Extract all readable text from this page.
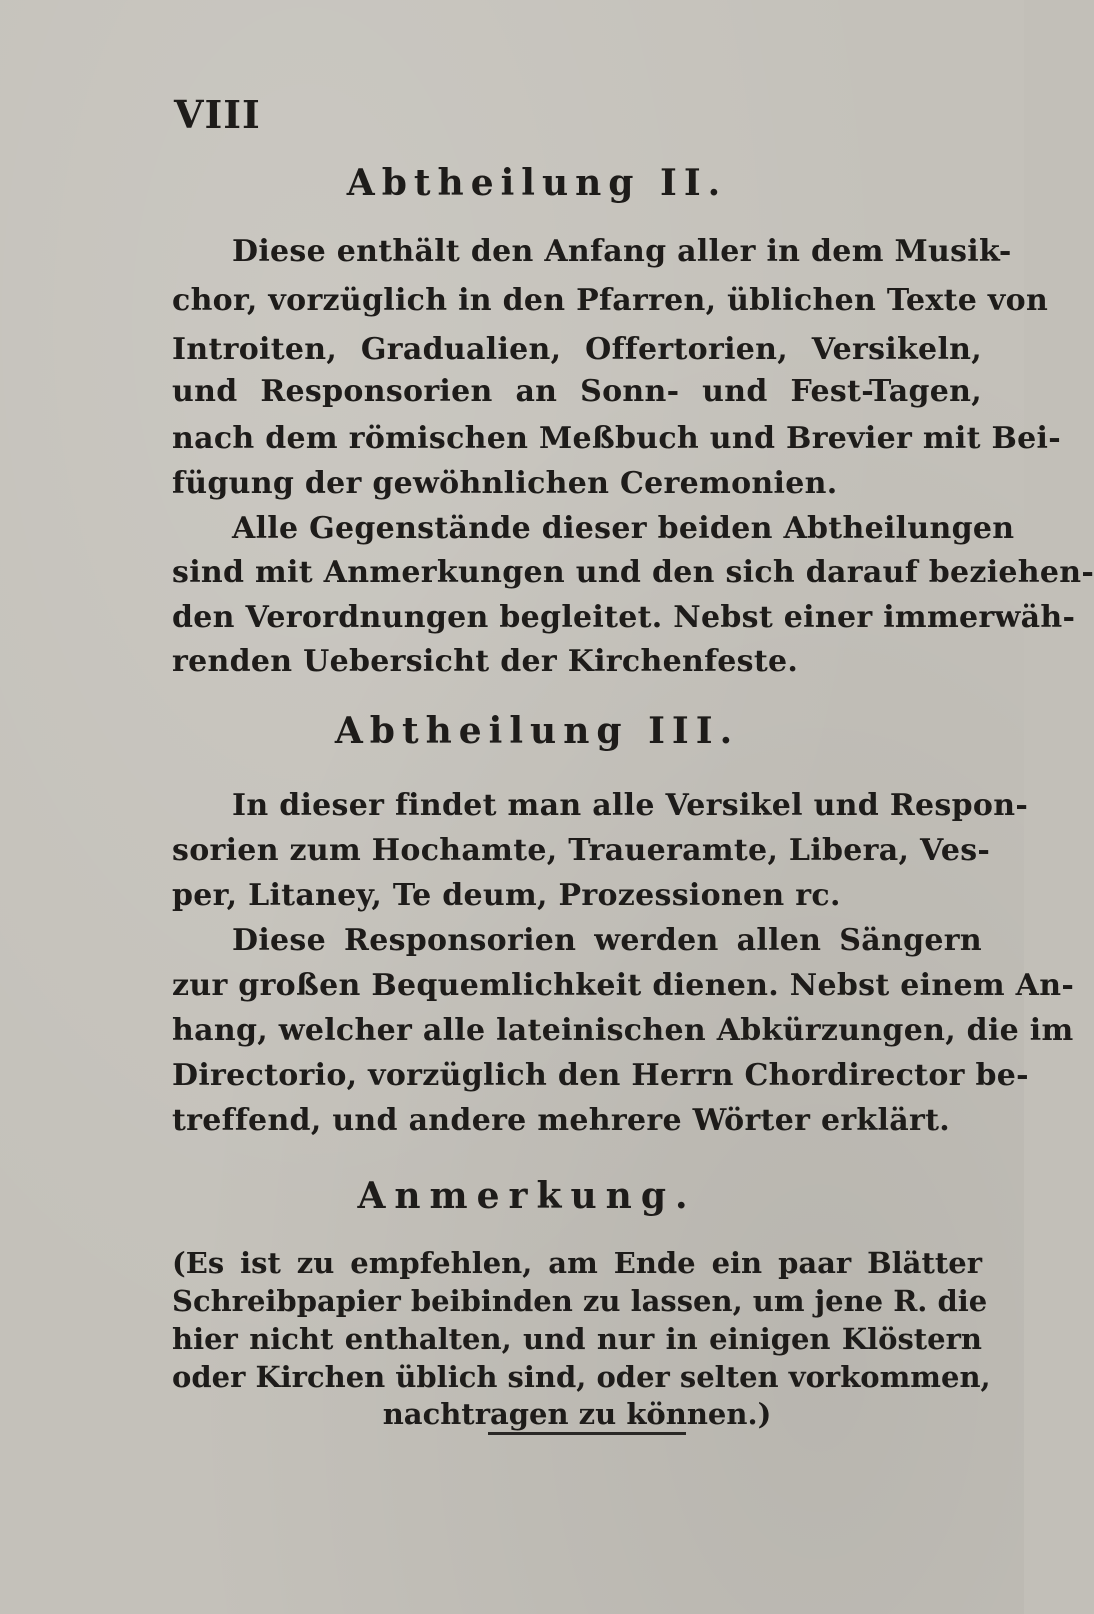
VIII
Abtheilung II.
Diese enthält den Anfang aller in dem Musik-
chor, vorzüglich in den Pfarren, üblichen Texte von
Introiten, Gradualien, Offertorien, Versikeln,
und Responsorien an Sonn- und Fest-Tagen,
nach dem römischen Meßbuch und Brevier mit Bei-
fügung der gewöhnlichen Ceremonien.
Alle Gegenstände dieser beiden Abtheilungen
sind mit Anmerkungen und den sich darauf beziehen-
den Verordnungen begleitet. Nebst einer immerwäh-
renden Uebersicht der Kirchenfeste.
Abtheilung III.
In dieser findet man alle Versikel und Respon-
sorien zum Hochamte, Traueramte, Libera, Ves-
per, Litaney, Te deum, Prozessionen rc.
Diese Responsorien werden allen Sängern
zur großen Bequemlichkeit dienen. Nebst einem An-
hang, welcher alle lateinischen Abkürzungen, die im
Directorio, vorzüglich den Herrn Chordirector be-
treffend, und andere mehrere Wörter erklärt.
Anmerkung.
(Es ist zu empfehlen, am Ende ein paar Blätter
Schreibpapier beibinden zu lassen, um jene R. die
hier nicht enthalten, und nur in einigen Klöstern
oder Kirchen üblich sind, oder selten vorkommen,
nachtragen zu können.)
